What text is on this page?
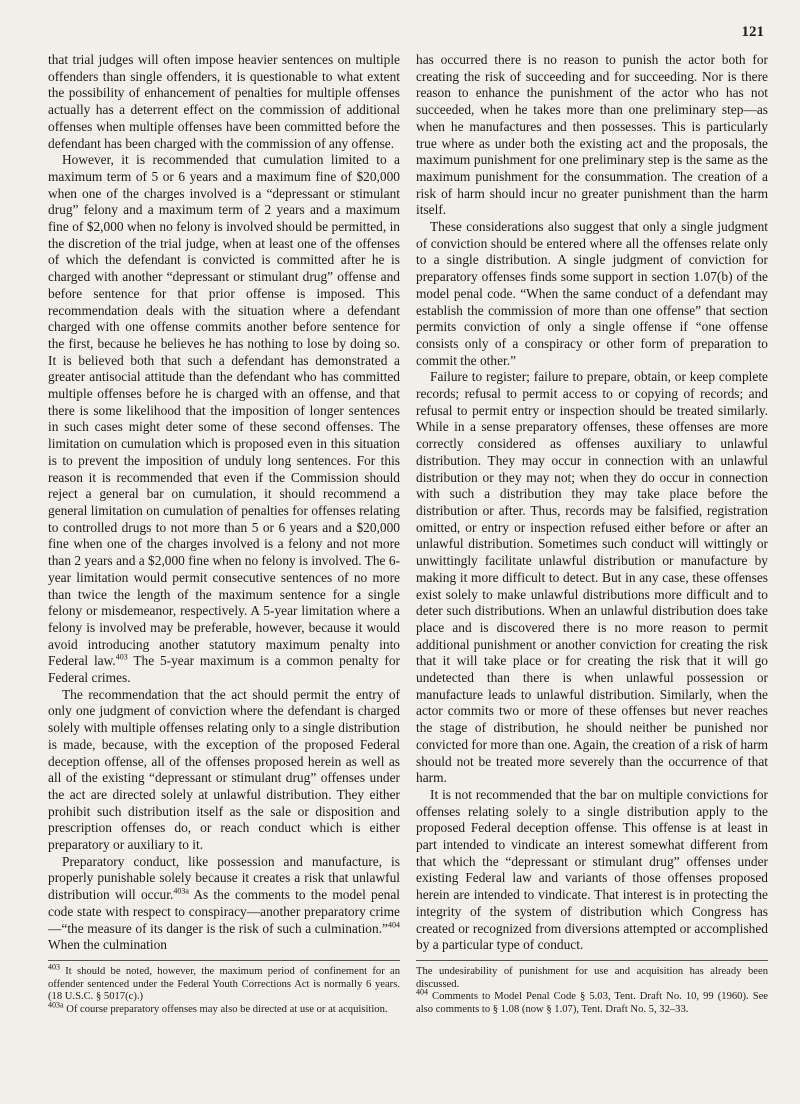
121

that trial judges will often impose heavier sentences on multiple offenders than single offenders, it is questionable to what extent the possibility of enhancement of penalties for multiple offenses actually has a deterrent effect on the commission of additional offenses when multiple offenses have been committed before the defendant has been charged with the commission of any offense.

However, it is recommended that cumulation limited to a maximum term of 5 or 6 years and a maximum fine of $20,000 when one of the charges involved is a “depressant or stimulant drug” felony and a maximum term of 2 years and a maximum fine of $2,000 when no felony is involved should be permitted, in the discretion of the trial judge, when at least one of the offenses of which the defendant is convicted is committed after he is charged with another “depressant or stimulant drug” offense and before sentence for that prior offense is imposed. This recommendation deals with the situation where a defendant charged with one offense commits another before sentence for the first, because he believes he has nothing to lose by doing so. It is believed both that such a defendant has demonstrated a greater antisocial attitude than the defendant who has committed multiple offenses before he is charged with an offense, and that there is some likelihood that the imposition of longer sentences in such cases might deter some of these second offenses. The limitation on cumulation which is proposed even in this situation is to prevent the imposition of unduly long sentences. For this reason it is recommended that even if the Commission should reject a general bar on cumulation, it should recommend a general limitation on cumulation of penalties for offenses relating to controlled drugs to not more than 5 or 6 years and a $20,000 fine when one of the charges involved is a felony and not more than 2 years and a $2,000 fine when no felony is involved. The 6-year limitation would permit consecutive sentences of no more than twice the length of the maximum sentence for a single felony or misdemeanor, respectively. A 5-year limitation where a felony is involved may be preferable, however, because it would avoid introducing another statutory maximum penalty into Federal law.$^{403}$ The 5-year maximum is a common penalty for Federal crimes.

The recommendation that the act should permit the entry of only one judgment of conviction where the defendant is charged solely with multiple offenses relating only to a single distribution is made, because, with the exception of the proposed Federal deception offense, all of the offenses proposed herein as well as all of the existing “depressant or stimulant drug” offenses under the act are directed solely at unlawful distribution. They either prohibit such distribution itself as the sale or disposition and prescription offenses do, or reach conduct which is either preparatory or auxiliary to it.

Preparatory conduct, like possession and manufacture, is properly punishable solely because it creates a risk that unlawful distribution will occur.$^{403a}$ As the comments to the model penal code state with respect to conspiracy—another preparatory crime—“the measure of its danger is the risk of such a culmination.”$^{404}$ When the culmination

has occurred there is no reason to punish the actor both for creating the risk of succeeding and for succeeding. Nor is there reason to enhance the punishment of the actor who has not succeeded, when he takes more than one preliminary step—as when he manufactures and then possesses. This is particularly true where as under both the existing act and the proposals, the maximum punishment for one preliminary step is the same as the maximum punishment for the consummation. The creation of a risk of harm should incur no greater punishment than the harm itself.

These considerations also suggest that only a single judgment of conviction should be entered where all the offenses relate only to a single distribution. A single judgment of conviction for preparatory offenses finds some support in section 1.07(b) of the model penal code. “When the same conduct of a defendant may establish the commission of more than one offense” that section permits conviction of only a single offense if “one offense consists only of a conspiracy or other form of preparation to commit the other.”

Failure to register; failure to prepare, obtain, or keep complete records; refusal to permit access to or copying of records; and refusal to permit entry or inspection should be treated similarly. While in a sense preparatory offenses, these offenses are more correctly considered as offenses auxiliary to unlawful distribution. They may occur in connection with an unlawful distribution or they may not; when they do occur in connection with such a distribution they may take place before the distribution or after. Thus, records may be falsified, registration omitted, or entry or inspection refused either before or after an unlawful distribution. Sometimes such conduct will wittingly or unwittingly facilitate unlawful distribution or manufacture by making it more difficult to detect. But in any case, these offenses exist solely to make unlawful distributions more difficult and to deter such distributions. When an unlawful distribution does take place and is discovered there is no more reason to permit additional punishment or another conviction for creating the risk that it will take place or for creating the risk that it will go undetected than there is when unlawful possession or manufacture leads to unlawful distribution. Similarly, when the actor commits two or more of these offenses but never reaches the stage of distribution, he should neither be punished nor convicted for more than one. Again, the creation of a risk of harm should not be treated more severely than the occurrence of that harm.

It is not recommended that the bar on multiple convictions for offenses relating solely to a single distribution apply to the proposed Federal deception offense. This offense is at least in part intended to vindicate an interest somewhat different from that which the “depressant or stimulant drug” offenses under existing Federal law and variants of those offenses proposed herein are intended to vindicate. That interest is in protecting the integrity of the system of distribution which Congress has created or recognized from diversions attempted or accomplished by a particular type of conduct.

$^{403}$ It should be noted, however, the maximum period of confinement for an offender sentenced under the Federal Youth Corrections Act is normally 6 years. (18 U.S.C. § 5017(c).)

$^{403a}$ Of course preparatory offenses may also be directed at use or at acquisition.

The undesirability of punishment for use and acquisition has already been discussed.

$^{404}$ Comments to Model Penal Code § 5.03, Tent. Draft No. 10, 99 (1960). See also comments to § 1.08 (now § 1.07), Tent. Draft No. 5, 32–33.
